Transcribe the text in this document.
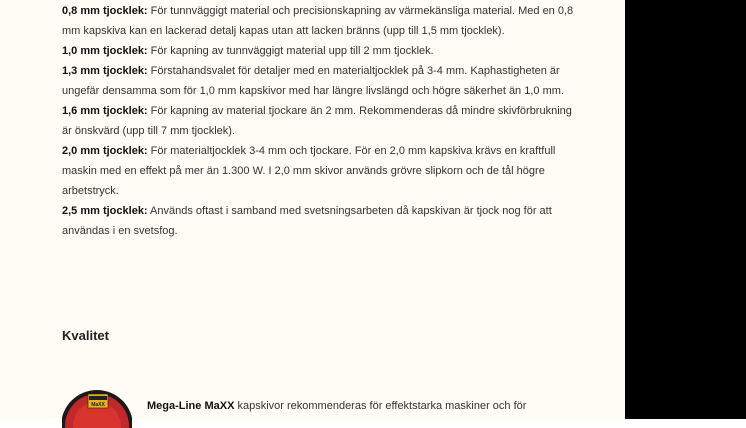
0,8 mm tjocklek: För tunnväggigt material och precisionskapning av värmekänsliga material. Med en 0,8 mm kapskiva kan en lackerad detalj kapas utan att lacken bränns (upp till 1,5 mm tjocklek).

1,0 mm tjocklek: För kapning av tunnväggigt material upp till 2 mm tjocklek.

1,3 mm tjocklek: Förstahandsvalet för detaljer med en materialtjocklek på 3-4 mm. Kaphastigheten är ungefär densamma som för 1,0 mm kapskivor med har längre livslängd och högre säkerhet än 1,0 mm.

1,6 mm tjocklek: För kapning av material tjockare än 2 mm. Rekommenderas då mindre skivförbrukning är önskvärd (upp till 7 mm tjocklek).

2,0 mm tjocklek: För materialtjocklek 3-4 mm och tjockare. För en 2,0 mm kapskiva krävs en kraftfull maskin med en effekt på mer än 1.300 W. I 2,0 mm skivor används grövre slipkorn och de tål högre arbetstryck.

2,5 mm tjocklek: Används oftast i samband med svetsningsarbeten då kapskivan är tjock nog för att användas i en svetsfog.

Kvalitet
MaXX	Mega-Line MaXX kapskivor rekommenderas för effektstarka maskiner och för
